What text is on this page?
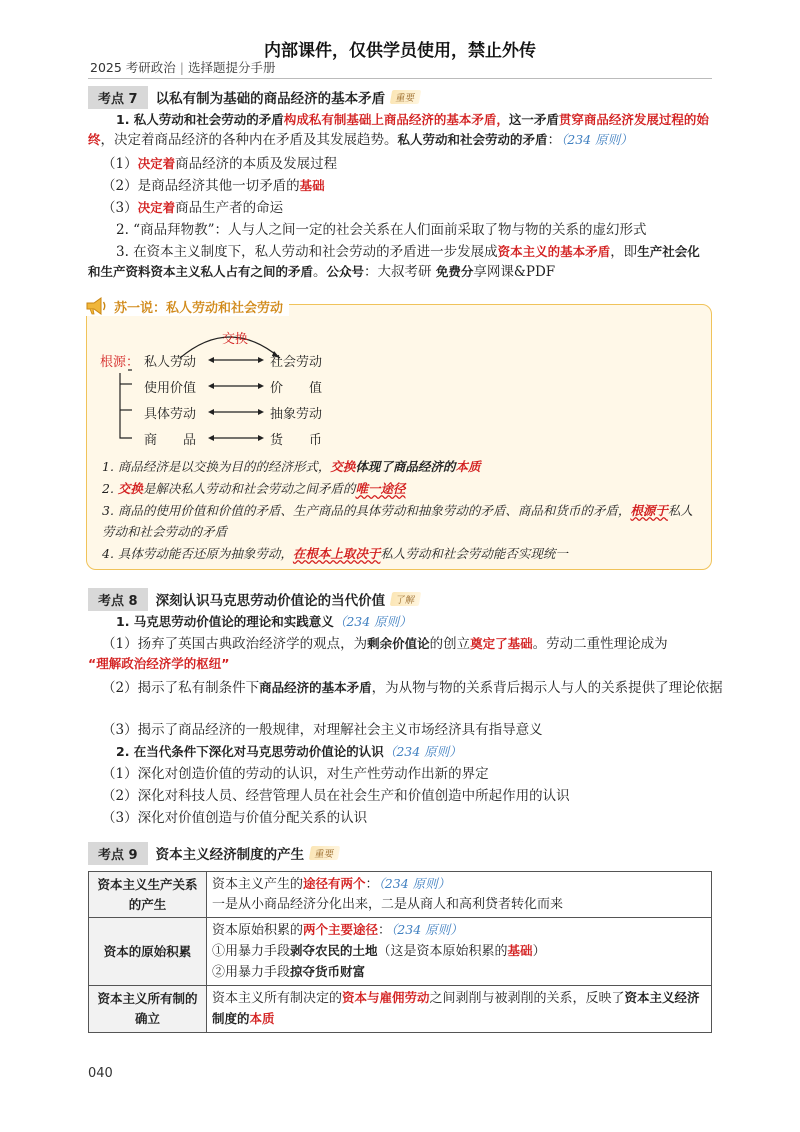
内部课件，仅供学员使用，禁止外传
2025 考研政治 | 选择题提分手册
考点 7	以私有制为基础的商品经济的基本矛盾	重要
1. 私人劳动和社会劳动的矛盾构成私有制基础上商品经济的基本矛盾，这一矛盾贯穿商品经济发展过程的始终，决定着商品经济的各种内在矛盾及其发展趋势。私人劳动和社会劳动的矛盾：（234 原则）
（1）决定着商品经济的本质及发展过程
（2）是商品经济其他一切矛盾的基础
（3）决定着商品生产者的命运
2. “商品拜物教”：人与人之间一定的社会关系在人们面前采取了物与物的关系的虚幻形式
3. 在资本主义制度下，私人劳动和社会劳动的矛盾进一步发展成资本主义的基本矛盾，即生产社会化和生产资料资本主义私人占有之间的矛盾。公众号：大叔考研 免费分享网课&PDF
苏一说：私人劳动和社会劳动
交换
根源： 私人劳动	社会劳动
使用价值	价　　值
具体劳动	抽象劳动
商　　品	货　　币
1. 商品经济是以交换为目的的经济形式，交换体现了商品经济的本质
2. 交换是解决私人劳动和社会劳动之间矛盾的唯一途径
3. 商品的使用价值和价值的矛盾、生产商品的具体劳动和抽象劳动的矛盾、商品和货币的矛盾，根源于私人劳动和社会劳动的矛盾
4. 具体劳动能否还原为抽象劳动，在根本上取决于私人劳动和社会劳动能否实现统一
考点 8	深刻认识马克思劳动价值论的当代价值	了解
1. 马克思劳动价值论的理论和实践意义（234 原则）
（1）扬弃了英国古典政治经济学的观点，为剩余价值论的创立奠定了基础。劳动二重性理论成为
“理解政治经济学的枢纽”
（2）揭示了私有制条件下商品经济的基本矛盾，为从物与物的关系背后揭示人与人的关系提供了理论依据
（3）揭示了商品经济的一般规律，对理解社会主义市场经济具有指导意义
2. 在当代条件下深化对马克思劳动价值论的认识（234 原则）
（1）深化对创造价值的劳动的认识，对生产性劳动作出新的界定
（2）深化对科技人员、经营管理人员在社会生产和价值创造中所起作用的认识
（3）深化对价值创造与价值分配关系的认识
考点 9	资本主义经济制度的产生	重要
资本主义生产关系的产生	资本主义产生的途径有两个：（234 原则）
一是从小商品经济分化出来，二是从商人和高利贷者转化而来
资本的原始积累	资本原始积累的两个主要途径：（234 原则）
①用暴力手段剥夺农民的土地（这是资本原始积累的基础）
②用暴力手段掠夺货币财富
资本主义所有制的确立	资本主义所有制决定的资本与雇佣劳动之间剥削与被剥削的关系，反映了资本主义经济制度的本质
040
